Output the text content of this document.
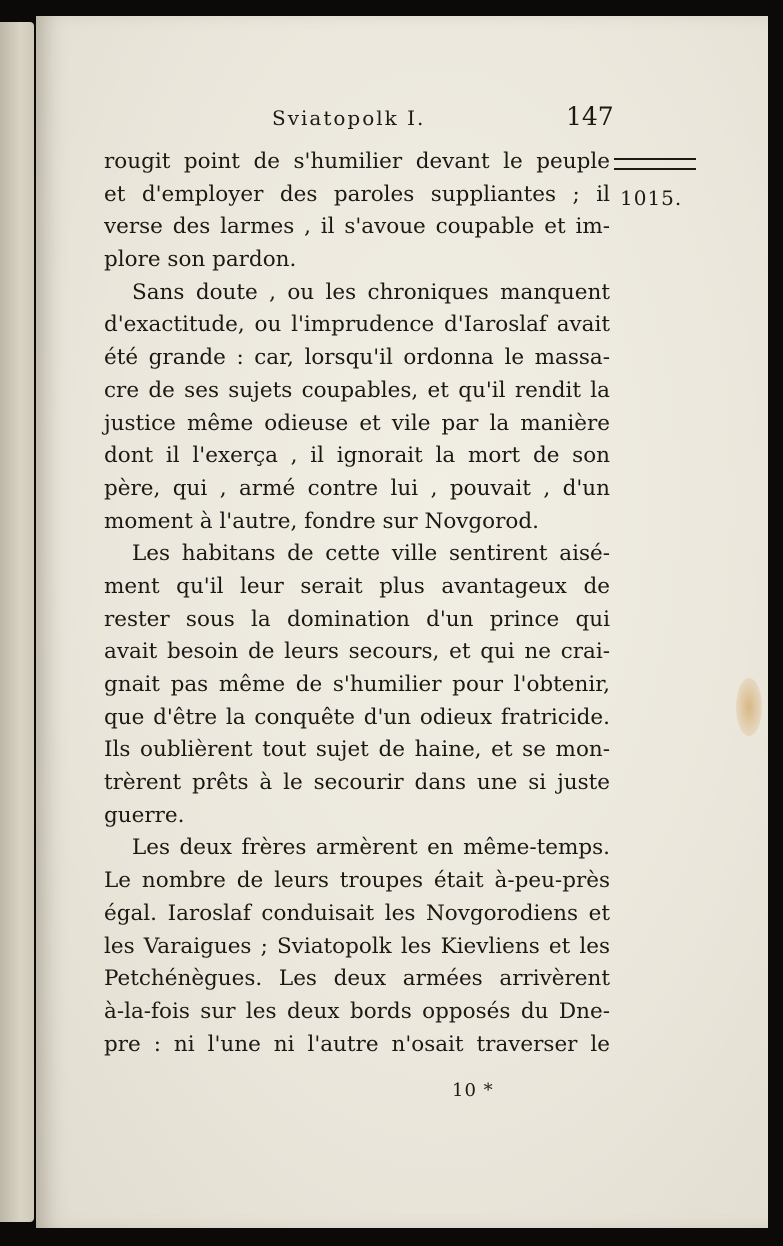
Sviatopolk I.	147
1015.
rougit point de s'humilier devant le peuple
et d'employer des paroles suppliantes ; il
verse des larmes , il s'avoue coupable et im-
plore son pardon.
Sans doute , ou les chroniques manquent
d'exactitude, ou l'imprudence d'Iaroslaf avait
été grande : car, lorsqu'il ordonna le massa-
cre de ses sujets coupables, et qu'il rendit la
justice même odieuse et vile par la manière
dont il l'exerça , il ignorait la mort de son
père, qui , armé contre lui , pouvait , d'un
moment à l'autre, fondre sur Novgorod.
Les habitans de cette ville sentirent aisé-
ment qu'il leur serait plus avantageux de
rester sous la domination d'un prince qui
avait besoin de leurs secours, et qui ne crai-
gnait pas même de s'humilier pour l'obtenir,
que d'être la conquête d'un odieux fratricide.
Ils oublièrent tout sujet de haine, et se mon-
trèrent prêts à le secourir dans une si juste
guerre.
Les deux frères armèrent en même-temps.
Le nombre de leurs troupes était à-peu-près
égal. Iaroslaf conduisait les Novgorodiens et
les Varaigues ; Sviatopolk les Kievliens et les
Petchénègues. Les deux armées arrivèrent
à-la-fois sur les deux bords opposés du Dne-
pre : ni l'une ni l'autre n'osait traverser le
10 *
